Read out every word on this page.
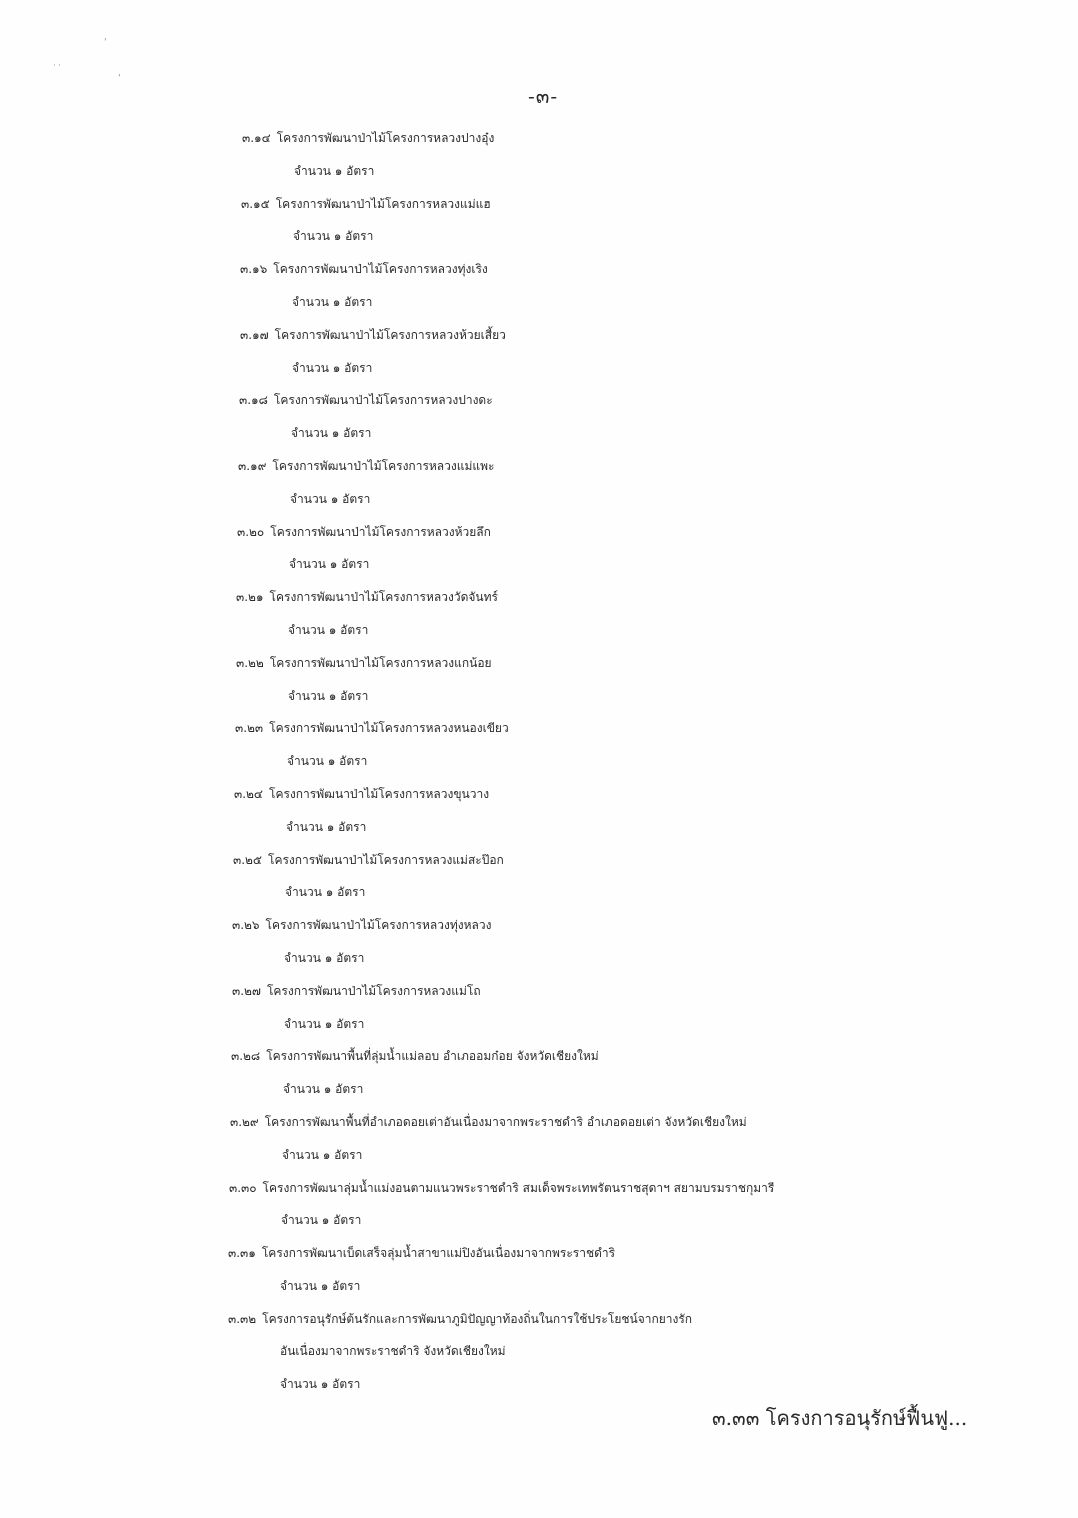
ʹ
˙˙
ʹ
-๓-
๓.๑๔ โครงการพัฒนาป่าไม้โครงการหลวงปางอุ๋ง
จำนวน ๑ อัตรา
๓.๑๕ โครงการพัฒนาป่าไม้โครงการหลวงแม่แฮ
จำนวน ๑ อัตรา
๓.๑๖ โครงการพัฒนาป่าไม้โครงการหลวงทุ่งเริง
จำนวน ๑ อัตรา
๓.๑๗ โครงการพัฒนาป่าไม้โครงการหลวงห้วยเสี้ยว
จำนวน ๑ อัตรา
๓.๑๘ โครงการพัฒนาป่าไม้โครงการหลวงปางดะ
จำนวน ๑ อัตรา
๓.๑๙ โครงการพัฒนาป่าไม้โครงการหลวงแม่แพะ
จำนวน ๑ อัตรา
๓.๒๐ โครงการพัฒนาป่าไม้โครงการหลวงห้วยลึก
จำนวน ๑ อัตรา
๓.๒๑ โครงการพัฒนาป่าไม้โครงการหลวงวัดจันทร์
จำนวน ๑ อัตรา
๓.๒๒ โครงการพัฒนาป่าไม้โครงการหลวงแกน้อย
จำนวน ๑ อัตรา
๓.๒๓ โครงการพัฒนาป่าไม้โครงการหลวงหนองเขียว
จำนวน ๑ อัตรา
๓.๒๔ โครงการพัฒนาป่าไม้โครงการหลวงขุนวาง
จำนวน ๑ อัตรา
๓.๒๕ โครงการพัฒนาป่าไม้โครงการหลวงแม่สะป๊อก
จำนวน ๑ อัตรา
๓.๒๖ โครงการพัฒนาป่าไม้โครงการหลวงทุ่งหลวง
จำนวน ๑ อัตรา
๓.๒๗ โครงการพัฒนาป่าไม้โครงการหลวงแม่โถ
จำนวน ๑ อัตรา
๓.๒๘ โครงการพัฒนาพื้นที่ลุ่มน้ำแม่ลอบ อำเภออมก๋อย จังหวัดเชียงใหม่
จำนวน ๑ อัตรา
๓.๒๙ โครงการพัฒนาพื้นที่อำเภอดอยเต่าอันเนื่องมาจากพระราชดำริ อำเภอดอยเต่า จังหวัดเชียงใหม่
จำนวน ๑ อัตรา
๓.๓๐ โครงการพัฒนาลุ่มน้ำแม่งอนตามแนวพระราชดำริ สมเด็จพระเทพรัตนราชสุดาฯ สยามบรมราชกุมารี
จำนวน ๑ อัตรา
๓.๓๑ โครงการพัฒนาเบ็ดเสร็จลุ่มน้ำสาขาแม่ปิงอันเนื่องมาจากพระราชดำริ
จำนวน ๑ อัตรา
๓.๓๒ โครงการอนุรักษ์ต้นรักและการพัฒนาภูมิปัญญาท้องถิ่นในการใช้ประโยชน์จากยางรัก
อันเนื่องมาจากพระราชดำริ จังหวัดเชียงใหม่
จำนวน ๑ อัตรา
๓.๓๓ โครงการอนุรักษ์ฟื้นฟู...
